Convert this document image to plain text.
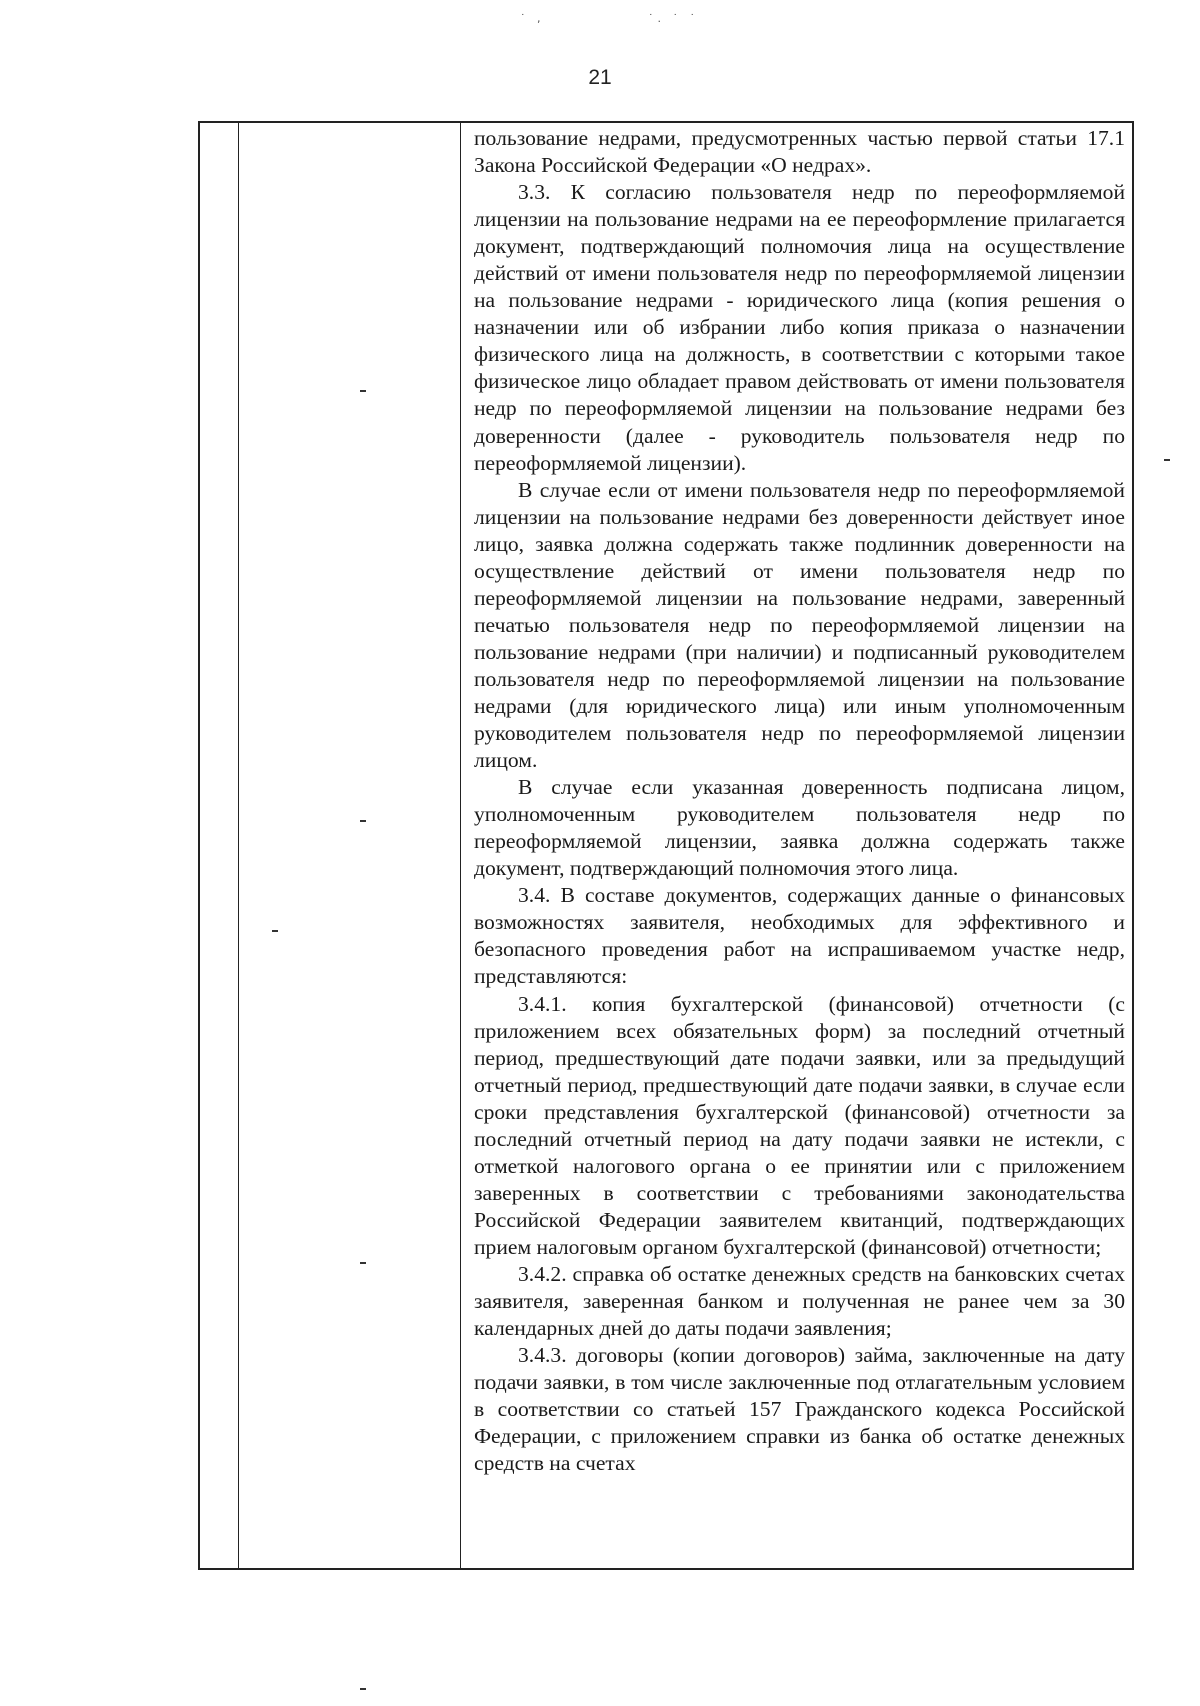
˙ ,	˙. ˙ ˙
21

пользование недрами, предусмотренных частью первой статьи 17.1 Закона Российской Федерации «О недрах».

3.3. К согласию пользователя недр по переоформляемой лицензии на пользование недрами на ее переоформление прилагается документ, подтверждающий полномочия лица на осуществление действий от имени пользователя недр по переоформляемой лицензии на пользование недрами - юридического лица (копия решения о назначении или об избрании либо копия приказа о назначении физического лица на должность, в соответствии с которыми такое физическое лицо обладает правом действовать от имени пользователя недр по переоформляемой лицензии на пользование недрами без доверенности (далее - руководитель пользователя недр по переоформляемой лицензии).

В случае если от имени пользователя недр по переоформляемой лицензии на пользование недрами без доверенности действует иное лицо, заявка должна содержать также подлинник доверенности на осуществление действий от имени пользователя недр по переоформляемой лицензии на пользование недрами, заверенный печатью пользователя недр по переоформляемой лицензии на пользование недрами (при наличии) и подписанный руководителем пользователя недр по переоформляемой лицензии на пользование недрами (для юридического лица) или иным уполномоченным руководителем пользователя недр по переоформляемой лицензии лицом.

В случае если указанная доверенность подписана лицом, уполномоченным руководителем пользователя недр по переоформляемой лицензии, заявка должна содержать также документ, подтверждающий полномочия этого лица.

3.4. В составе документов, содержащих данные о финансовых возможностях заявителя, необходимых для эффективного и безопасного проведения работ на испрашиваемом участке недр, представляются:

3.4.1. копия бухгалтерской (финансовой) отчетности (с приложением всех обязательных форм) за последний отчетный период, предшествующий дате подачи заявки, или за предыдущий отчетный период, предшествующий дате подачи заявки, в случае если сроки представления бухгалтерской (финансовой) отчетности за последний отчетный период на дату подачи заявки не истекли, с отметкой налогового органа о ее принятии или с приложением заверенных в соответствии с требованиями законодательства Российской Федерации заявителем квитанций, подтверждающих прием налоговым органом бухгалтерской (финансовой) отчетности;

3.4.2. справка об остатке денежных средств на банковских счетах заявителя, заверенная банком и полученная не ранее чем за 30 календарных дней до даты подачи заявления;

3.4.3. договоры (копии договоров) займа, заключенные на дату подачи заявки, в том числе заключенные под отлагательным условием в соответствии со статьей 157 Гражданского кодекса Российской Федерации, с приложением справки из банка об остатке денежных средств на счетах
